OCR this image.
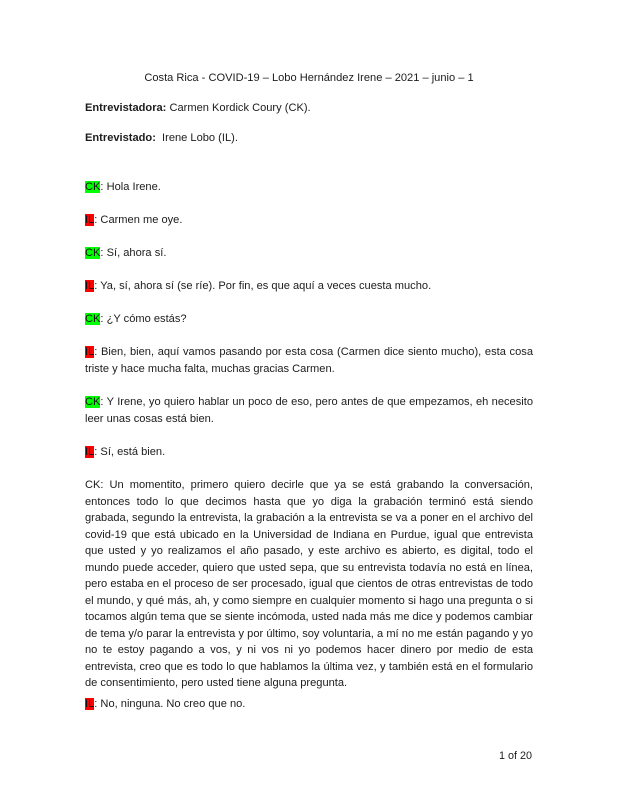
Costa Rica - COVID-19 – Lobo Hernández Irene – 2021 – junio – 1

Entrevistadora: Carmen Kordick Coury (CK).

Entrevistado:  Irene Lobo (IL).

CK: Hola Irene.

IL: Carmen me oye.

CK: Sí, ahora sí.

IL: Ya, sí, ahora sí (se ríe). Por fin, es que aquí a veces cuesta mucho.

CK: ¿Y cómo estás?

IL: Bien, bien, aquí vamos pasando por esta cosa (Carmen dice siento mucho), esta cosa triste y hace mucha falta, muchas gracias Carmen.

CK: Y Irene, yo quiero hablar un poco de eso, pero antes de que empezamos, eh necesito leer unas cosas está bien.

IL: Sí, está bien.

CK: Un momentito, primero quiero decirle que ya se está grabando la conversación, entonces todo lo que decimos hasta que yo diga la grabación terminó está siendo grabada, segundo la entrevista, la grabación a la entrevista se va a poner en el archivo del covid-19 que está ubicado en la Universidad de Indiana en Purdue, igual que entrevista que usted y yo realizamos el año pasado, y este archivo es abierto, es digital, todo el mundo puede acceder, quiero que usted sepa, que su entrevista todavía no está en línea, pero estaba en el proceso de ser procesado, igual que cientos de otras entrevistas de todo el mundo, y qué más, ah, y como siempre en cualquier momento si hago una pregunta o si tocamos algún tema que se siente incómoda, usted nada más me dice y podemos cambiar de tema y/o parar la entrevista y por último, soy voluntaria, a mí no me están pagando y yo no te estoy pagando a vos, y ni vos ni yo podemos hacer dinero por medio de esta entrevista, creo que es todo lo que hablamos la última vez, y también está en el formulario de consentimiento, pero usted tiene alguna pregunta.

IL: No, ninguna. No creo que no.

1 of 20
